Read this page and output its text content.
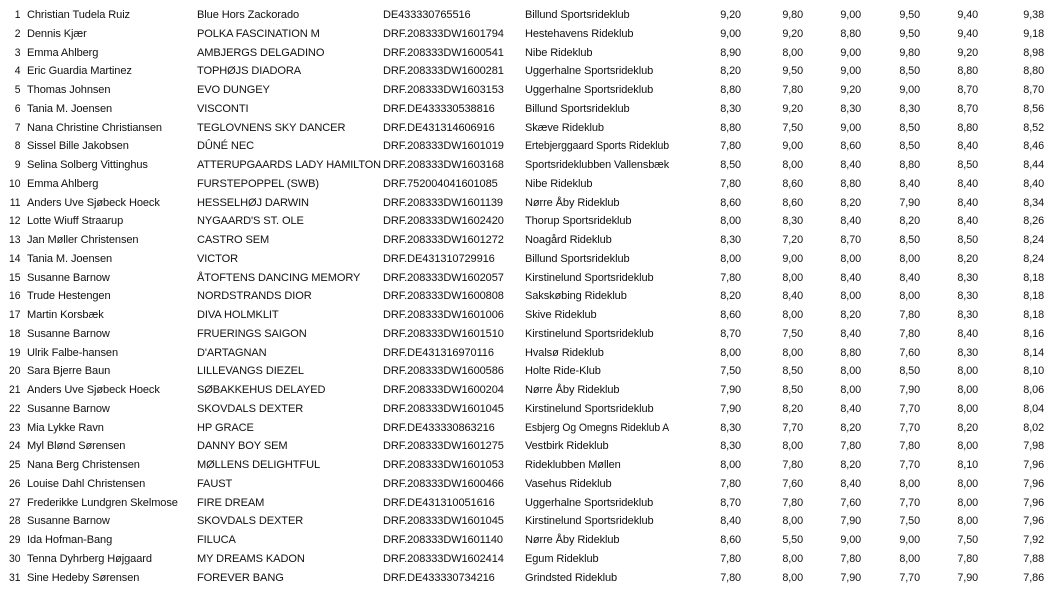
1	Christian Tudela Ruiz	Blue Hors Zackorado	DE433330765516	Billund Sportsrideklub	9,20	9,80	9,00	9,50	9,40	9,38
2	Dennis Kjær	POLKA FASCINATION M	DRF.208333DW1601794	Hestehavens Rideklub	9,00	9,20	8,80	9,50	9,40	9,18
3	Emma Ahlberg	AMBJERGS DELGADINO	DRF.208333DW1600541	Nibe Rideklub	8,90	8,00	9,00	9,80	9,20	8,98
4	Eric Guardia Martinez	TOPHØJS DIADORA	DRF.208333DW1600281	Uggerhalne Sportsrideklub	8,20	9,50	9,00	8,50	8,80	8,80
5	Thomas Johnsen	EVO DUNGEY	DRF.208333DW1603153	Uggerhalne Sportsrideklub	8,80	7,80	9,20	9,00	8,70	8,70
6	Tania M. Joensen	VISCONTI	DRF.DE433330538816	Billund Sportsrideklub	8,30	9,20	8,30	8,30	8,70	8,56
7	Nana Christine Christiansen	TEGLOVNENS SKY DANCER	DRF.DE431314606916	Skæve Rideklub	8,80	7,50	9,00	8,50	8,80	8,52
8	Sissel Bille Jakobsen	DÛNÉ NEC	DRF.208333DW1601019	Ertebjerggaard Sports Rideklub	7,80	9,00	8,60	8,50	8,40	8,46
9	Selina Solberg Vittinghus	ATTERUPGAARDS LADY HAMILTON	DRF.208333DW1603168	Sportsrideklubben Vallensbæk	8,50	8,00	8,40	8,80	8,50	8,44
10	Emma Ahlberg	FURSTEPOPPEL (SWB)	DRF.752004041601085	Nibe Rideklub	7,80	8,60	8,80	8,40	8,40	8,40
11	Anders Uve Sjøbeck Hoeck	HESSELHØJ DARWIN	DRF.208333DW1601139	Nørre Åby Rideklub	8,60	8,60	8,20	7,90	8,40	8,34
12	Lotte Wiuff Straarup	NYGAARD'S ST. OLE	DRF.208333DW1602420	Thorup Sportsrideklub	8,00	8,30	8,40	8,20	8,40	8,26
13	Jan Møller Christensen	CASTRO SEM	DRF.208333DW1601272	Noagård Rideklub	8,30	7,20	8,70	8,50	8,50	8,24
14	Tania M. Joensen	VICTOR	DRF.DE431310729916	Billund Sportsrideklub	8,00	9,00	8,00	8,00	8,20	8,24
15	Susanne Barnow	ÅTOFTENS DANCING MEMORY	DRF.208333DW1602057	Kirstinelund Sportsrideklub	7,80	8,00	8,40	8,40	8,30	8,18
16	Trude Hestengen	NORDSTRANDS DIOR	DRF.208333DW1600808	Sakskøbing Rideklub	8,20	8,40	8,00	8,00	8,30	8,18
17	Martin Korsbæk	DIVA HOLMKLIT	DRF.208333DW1601006	Skive Rideklub	8,60	8,00	8,20	7,80	8,30	8,18
18	Susanne Barnow	FRUERINGS SAIGON	DRF.208333DW1601510	Kirstinelund Sportsrideklub	8,70	7,50	8,40	7,80	8,40	8,16
19	Ulrik Falbe-hansen	D'ARTAGNAN	DRF.DE431316970116	Hvalsø Rideklub	8,00	8,00	8,80	7,60	8,30	8,14
20	Sara Bjerre Baun	LILLEVANGS DIEZEL	DRF.208333DW1600586	Holte Ride-Klub	7,50	8,50	8,00	8,50	8,00	8,10
21	Anders Uve Sjøbeck Hoeck	SØBAKKEHUS DELAYED	DRF.208333DW1600204	Nørre Åby Rideklub	7,90	8,50	8,00	7,90	8,00	8,06
22	Susanne Barnow	SKOVDALS DEXTER	DRF.208333DW1601045	Kirstinelund Sportsrideklub	7,90	8,20	8,40	7,70	8,00	8,04
23	Mia Lykke Ravn	HP GRACE	DRF.DE433330863216	Esbjerg Og Omegns Rideklub A	8,30	7,70	8,20	7,70	8,20	8,02
24	Myl Blønd Sørensen	DANNY BOY SEM	DRF.208333DW1601275	Vestbirk Rideklub	8,30	8,00	7,80	7,80	8,00	7,98
25	Nana Berg Christensen	MØLLENS DELIGHTFUL	DRF.208333DW1601053	Rideklubben Møllen	8,00	7,80	8,20	7,70	8,10	7,96
26	Louise Dahl Christensen	FAUST	DRF.208333DW1600466	Vasehus Rideklub	7,80	7,60	8,40	8,00	8,00	7,96
27	Frederikke Lundgren Skelmose	FIRE DREAM	DRF.DE431310051616	Uggerhalne Sportsrideklub	8,70	7,80	7,60	7,70	8,00	7,96
28	Susanne Barnow	SKOVDALS DEXTER	DRF.208333DW1601045	Kirstinelund Sportsrideklub	8,40	8,00	7,90	7,50	8,00	7,96
29	Ida Hofman-Bang	FILUCA	DRF.208333DW1601140	Nørre Åby Rideklub	8,60	5,50	9,00	9,00	7,50	7,92
30	Tenna Dyhrberg Højgaard	MY DREAMS KADON	DRF.208333DW1602414	Egum Rideklub	7,80	8,00	7,80	8,00	7,80	7,88
31	Sine Hedeby Sørensen	FOREVER BANG	DRF.DE433330734216	Grindsted Rideklub	7,80	8,00	7,90	7,70	7,90	7,86
